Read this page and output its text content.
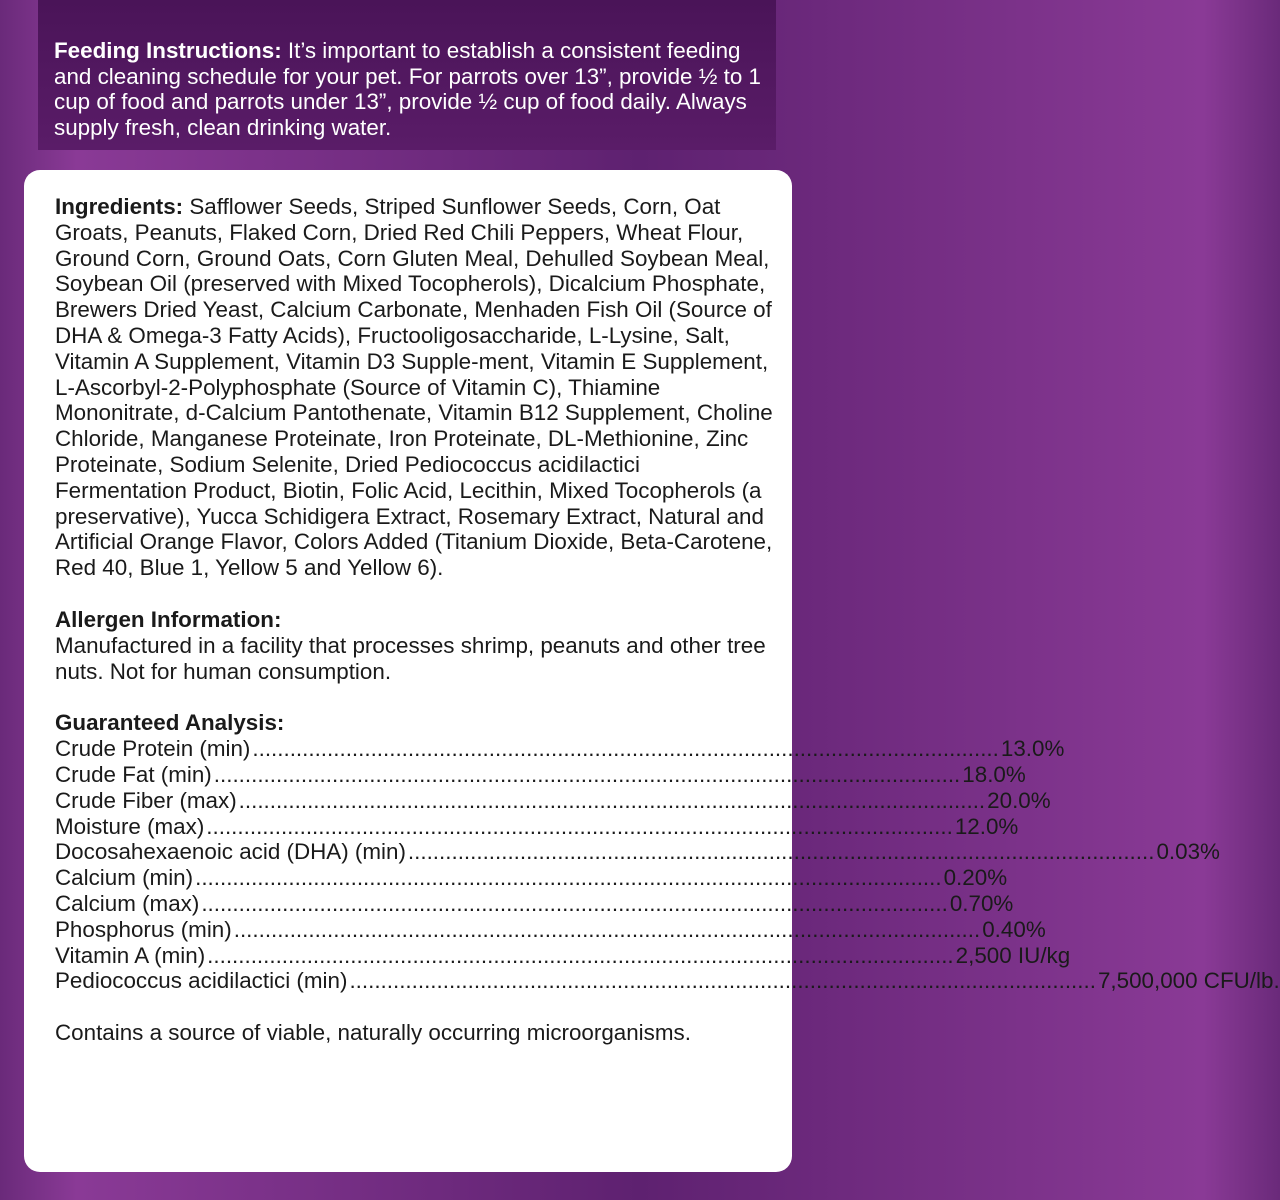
Feeding Instructions: It’s important to establish a consistent feeding and cleaning schedule for your pet. For parrots over 13”, provide ½ to 1 cup of food and parrots under 13”, provide ½ cup of food daily. Always supply fresh, clean drinking water.

Ingredients: Safflower Seeds, Striped Sunflower Seeds, Corn, Oat Groats, Peanuts, Flaked Corn, Dried Red Chili Peppers, Wheat Flour, Ground Corn, Ground Oats, Corn Gluten Meal, Dehulled Soybean Meal, Soybean Oil (preserved with Mixed Tocopherols), Dicalcium Phosphate, Brewers Dried Yeast, Calcium Carbonate, Menhaden Fish Oil (Source of DHA & Omega-3 Fatty Acids), Fructooligosaccharide, L-Lysine, Salt, Vitamin A Supplement, Vitamin D3 Supple-ment, Vitamin E Supplement, L-Ascorbyl-2-Polyphosphate (Source of Vitamin C), Thiamine Mononitrate, d-Calcium Pantothenate, Vitamin B12 Supplement, Choline Chloride, Manganese Proteinate, Iron Proteinate, DL-Methionine, Zinc Proteinate, Sodium Selenite, Dried Pediococcus acidilactici Fermentation Product, Biotin, Folic Acid, Lecithin, Mixed Tocopherols (a preservative), Yucca Schidigera Extract, Rosemary Extract, Natural and Artificial Orange Flavor, Colors Added (Titanium Dioxide, Beta-Carotene, Red 40, Blue 1, Yellow 5 and Yellow 6).

Allergen Information:

Manufactured in a facility that processes shrimp, peanuts and other tree nuts. Not for human consumption.

Guaranteed Analysis:
Crude Protein (min) ........................................................................................................................ 13.0%
Crude Fat (min) ........................................................................................................................ 18.0%
Crude Fiber (max) ........................................................................................................................ 20.0%
Moisture (max) ........................................................................................................................ 12.0%
Docosahexaenoic acid (DHA) (min) ........................................................................................................................ 0.03%
Calcium (min) ........................................................................................................................ 0.20%
Calcium (max) ........................................................................................................................ 0.70%
Phosphorus (min) ........................................................................................................................ 0.40%
Vitamin A (min) ........................................................................................................................ 2,500 IU/kg
Pediococcus acidilactici (min) ........................................................................................................................ 7,500,000 CFU/lb.

Contains a source of viable, naturally occurring microorganisms.
